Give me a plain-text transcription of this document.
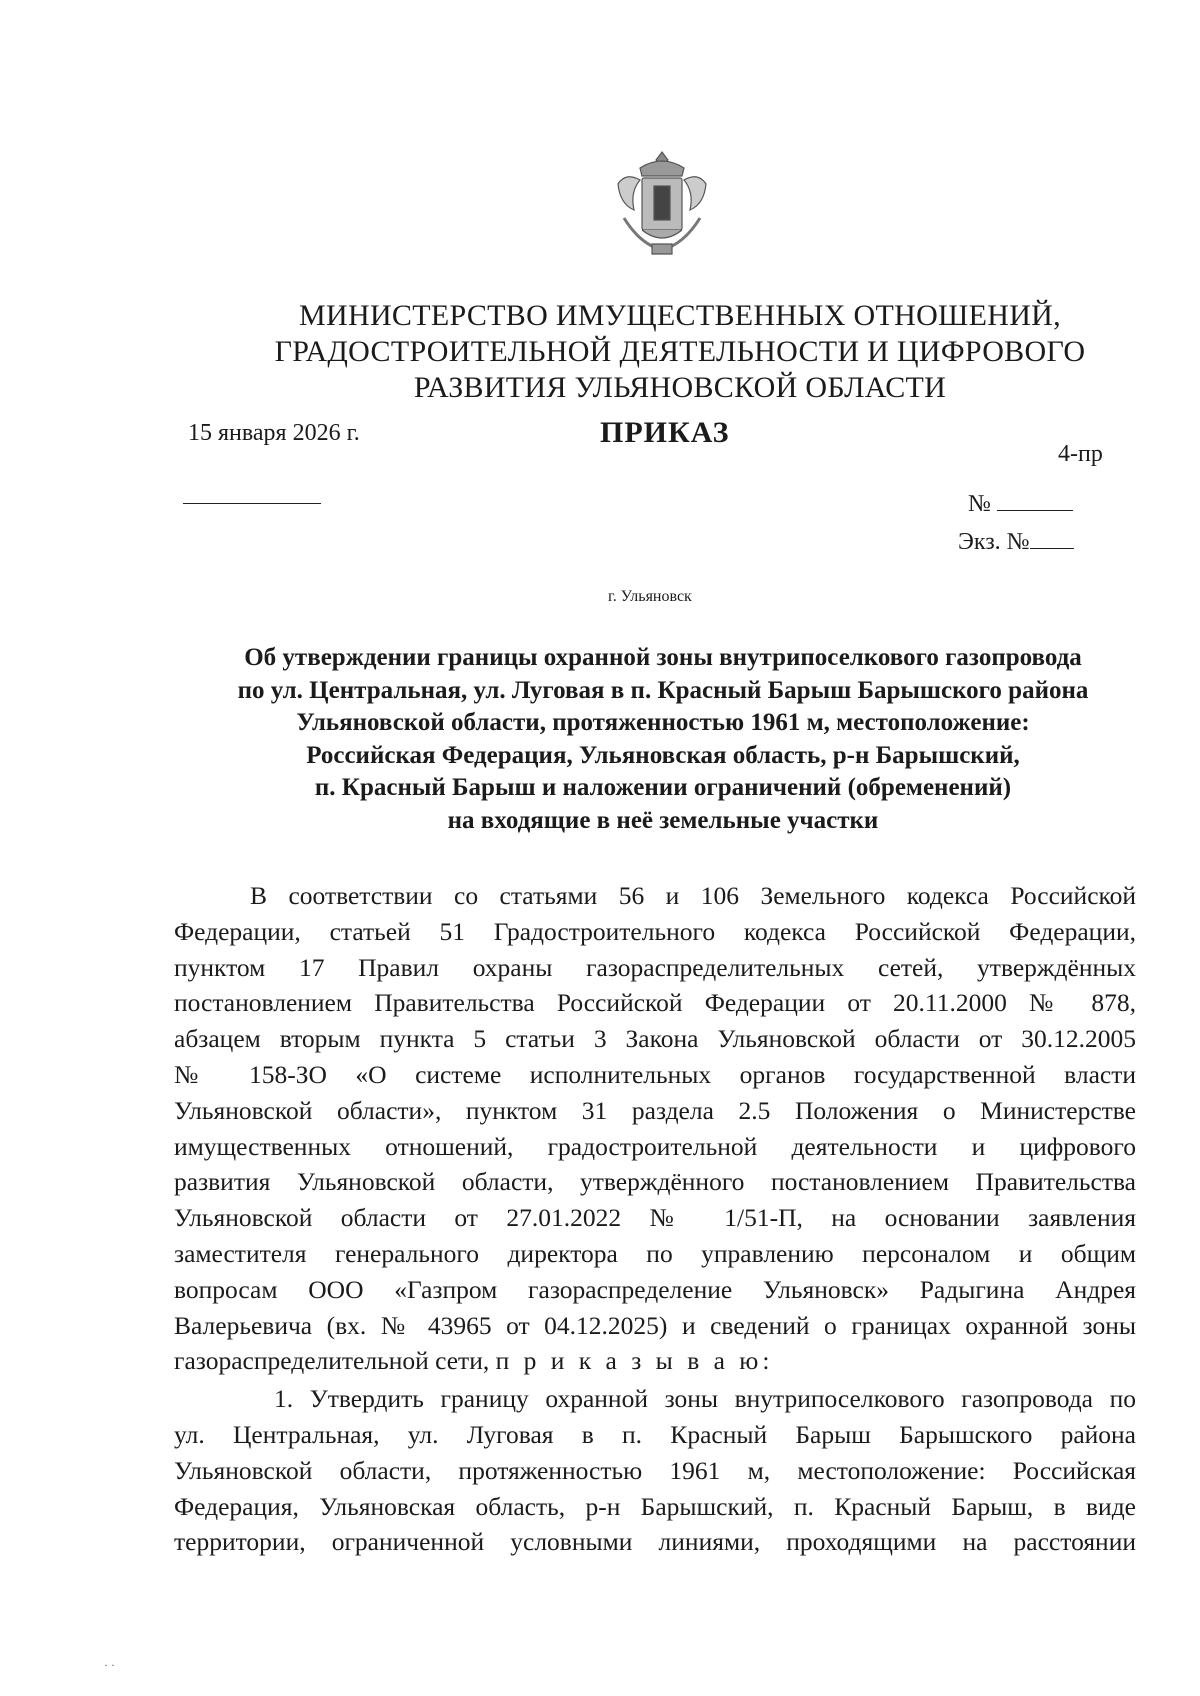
МИНИСТЕРСТВО ИМУЩЕСТВЕННЫХ ОТНОШЕНИЙ,
ГРАДОСТРОИТЕЛЬНОЙ ДЕЯТЕЛЬНОСТИ И ЦИФРОВОГО
РАЗВИТИЯ УЛЬЯНОВСКОЙ ОБЛАСТИ
15 января 2026 г.	ПРИКАЗ
4-пр
№
Экз. №
г. Ульяновск
Об утверждении границы охранной зоны внутрипоселкового газопровода
по ул. Центральная, ул. Луговая в п. Красный Барыш Барышского района
Ульяновской области, протяженностью 1961 м, местоположение:
Российская Федерация, Ульяновская область, р-н Барышский,
п. Красный Барыш и наложении ограничений (обременений)
на входящие в неё земельные участки
В соответствии со статьями 56 и 106 Земельного кодекса Российской
Федерации, статьей 51 Градостроительного кодекса Российской Федерации,
пунктом 17 Правил охраны газораспределительных сетей, утверждённых
постановлением Правительства Российской Федерации от 20.11.2000 № 878,
абзацем вторым пункта 5 статьи 3 Закона Ульяновской области от 30.12.2005
№ 158-ЗО «О системе исполнительных органов государственной власти
Ульяновской области», пунктом 31 раздела 2.5 Положения о Министерстве
имущественных отношений, градостроительной деятельности и цифрового
развития Ульяновской области, утверждённого постановлением Правительства
Ульяновской области от 27.01.2022 № 1/51-П, на основании заявления
заместителя генерального директора по управлению персоналом и общим
вопросам ООО «Газпром газораспределение Ульяновск» Радыгина Андрея
Валерьевича (вх. № 43965 от 04.12.2025) и сведений о границах охранной зоны
газораспределительной сети, п р и к а з ы в а ю:
1. Утвердить границу охранной зоны внутрипоселкового газопровода по
ул. Центральная, ул. Луговая в п. Красный Барыш Барышского района
Ульяновской области, протяженностью 1961 м, местоположение: Российская
Федерация, Ульяновская область, р-н Барышский, п. Красный Барыш, в виде
территории, ограниченной условными линиями, проходящими на расстоянии
· ·
